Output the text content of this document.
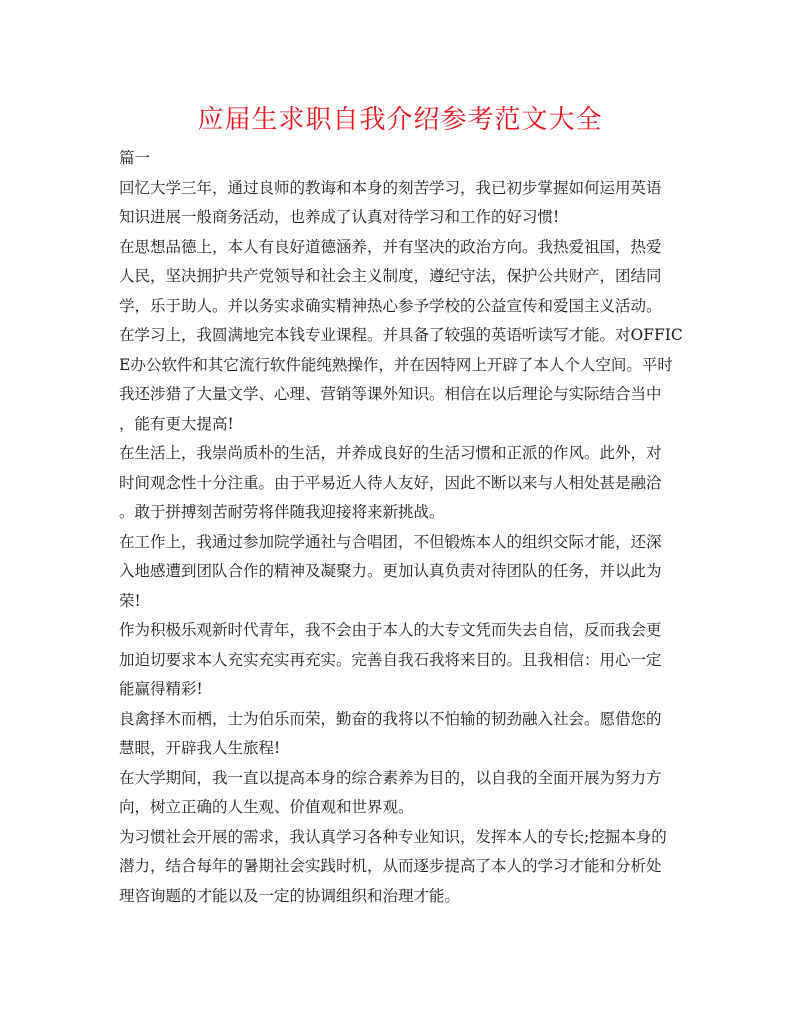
应届生求职自我介绍参考范文大全
篇一
回忆大学三年，通过良师的教诲和本身的刻苦学习，我已初步掌握如何运用英语
知识进展一般商务活动，也养成了认真对待学习和工作的好习惯!
在思想品德上，本人有良好道德涵养，并有坚决的政治方向。我热爱祖国，热爱
人民，坚决拥护共产党领导和社会主义制度，遵纪守法，保护公共财产，团结同
学，乐于助人。并以务实求确实精神热心参予学校的公益宣传和爱国主义活动。
在学习上，我圆满地完本钱专业课程。并具备了较强的英语听读写才能。对OFFIC
E办公软件和其它流行软件能纯熟操作，并在因特网上开辟了本人个人空间。平时
我还涉猎了大量文学、心理、营销等课外知识。相信在以后理论与实际结合当中
，能有更大提高!
在生活上，我崇尚质朴的生活，并养成良好的生活习惯和正派的作风。此外，对
时间观念性十分注重。由于平易近人待人友好，因此不断以来与人相处甚是融洽
。敢于拼搏刻苦耐劳将伴随我迎接将来新挑战。
在工作上，我通过参加院学通社与合唱团，不但锻炼本人的组织交际才能，还深
入地感遭到团队合作的精神及凝聚力。更加认真负责对待团队的任务，并以此为
荣!
作为积极乐观新时代青年，我不会由于本人的大专文凭而失去自信，反而我会更
加迫切要求本人充实充实再充实。完善自我石我将来目的。且我相信：用心一定
能赢得精彩!
良禽择木而栖，士为伯乐而荣，勤奋的我将以不怕输的韧劲融入社会。愿借您的
慧眼，开辟我人生旅程!
在大学期间，我一直以提高本身的综合素养为目的，以自我的全面开展为努力方
向，树立正确的人生观、价值观和世界观。
为习惯社会开展的需求，我认真学习各种专业知识，发挥本人的专长;挖掘本身的
潜力，结合每年的暑期社会实践时机，从而逐步提高了本人的学习才能和分析处
理咨询题的才能以及一定的协调组织和治理才能。
